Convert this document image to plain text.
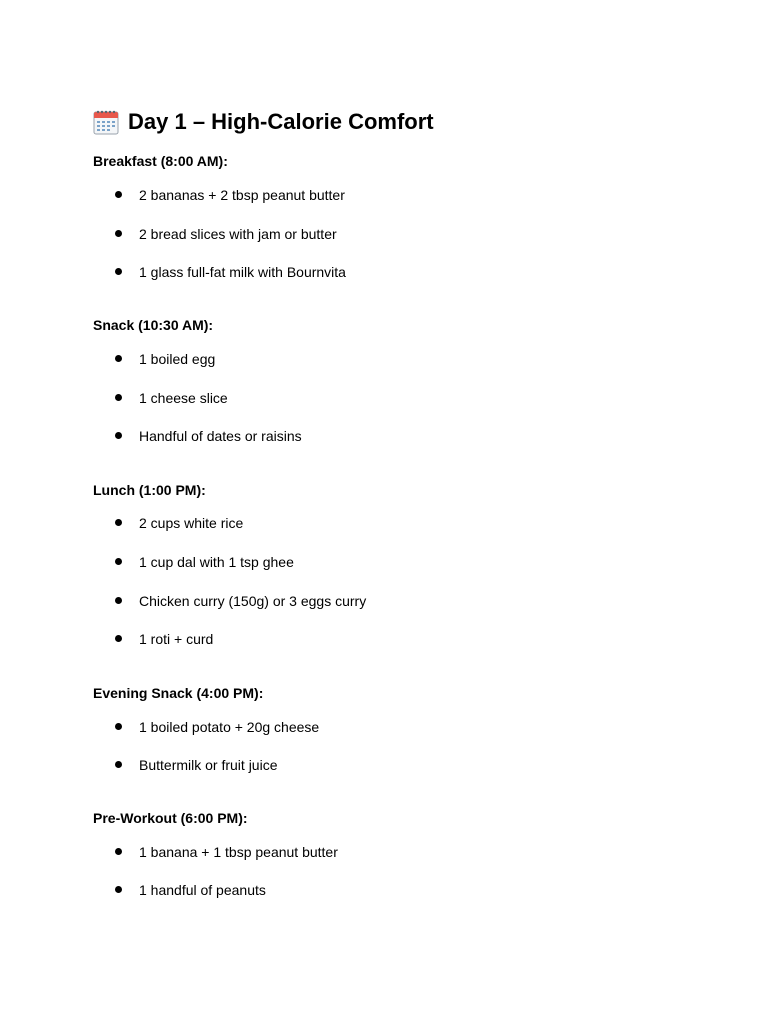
Day 1 – High-Calorie Comfort
Breakfast (8:00 AM):
2 bananas + 2 tbsp peanut butter
2 bread slices with jam or butter
1 glass full-fat milk with Bournvita
Snack (10:30 AM):
1 boiled egg
1 cheese slice
Handful of dates or raisins
Lunch (1:00 PM):
2 cups white rice
1 cup dal with 1 tsp ghee
Chicken curry (150g) or 3 eggs curry
1 roti + curd
Evening Snack (4:00 PM):
1 boiled potato + 20g cheese
Buttermilk or fruit juice
Pre-Workout (6:00 PM):
1 banana + 1 tbsp peanut butter
1 handful of peanuts
